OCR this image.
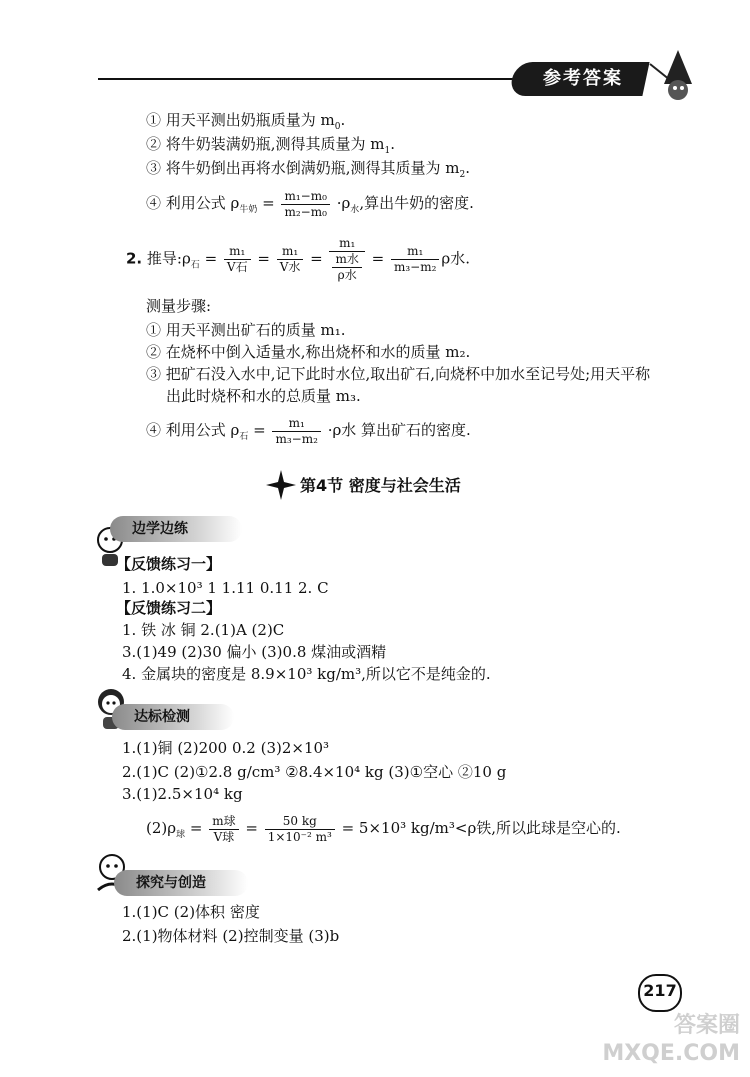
参考答案
① 用天平测出奶瓶质量为 $m_0$.
② 将牛奶装满奶瓶,测得其质量为 $m_1$.
③ 将牛奶倒出再将水倒满奶瓶,测得其质量为 $m_2$.
④ 利用公式 $\rho_{牛奶} = \frac{\text{m₁−m₀}}{\text{m₂−m₀}} \cdot\rho_水$,算出牛奶的密度.
2. 推导$:\rho_石 = \frac{\text{m₁}}{\text{V石}} = \frac{\text{m₁}}{\text{V水}} = \frac{\text{m₁}}{\frac{\text{m水}}{\text{ρ水}}} = \frac{\text{m₁}}{\text{m₃−m₂}}$ ρ水.
测量步骤:
① 用天平测出矿石的质量 m₁.
② 在烧杯中倒入适量水,称出烧杯和水的质量 m₂.
③ 把矿石没入水中,记下此时水位,取出矿石,向烧杯中加水至记号处;用天平称
出此时烧杯和水的总质量 m₃.
④ 利用公式 $\rho_石 = \frac{\text{m₁}}{\text{m₃−m₂}} \cdot\rho$水 算出矿石的密度.
第4节 密度与社会生活
边学边练
【反馈练习一】
1. 1.0×10³ 1 1.11 0.11 2. C
【反馈练习二】
1. 铁 冰 铜 2.(1)A (2)C
3.(1)49 (2)30 偏小 (3)0.8 煤油或酒精
4. 金属块的密度是 8.9×10³ kg/m³,所以它不是纯金的.
达标检测
1.(1)铜 (2)200 0.2 (3)2×10³
2.(1)C (2)①2.8 g/cm³ ②8.4×10⁴ kg (3)①空心 ②10 g
3.(1)2.5×10⁴ kg
$(2)\rho_球 = \frac{\text{m球}}{\text{V球}} = \frac{50 kg}{\text{1×10⁻² m³}} = 5\times 10^3$ kg/m³<ρ铁,所以此球是空心的.
探究与创造
1.(1)C (2)体积 密度
2.(1)物体材料 (2)控制变量 (3)b
217
答案圈 MXQE.COM
